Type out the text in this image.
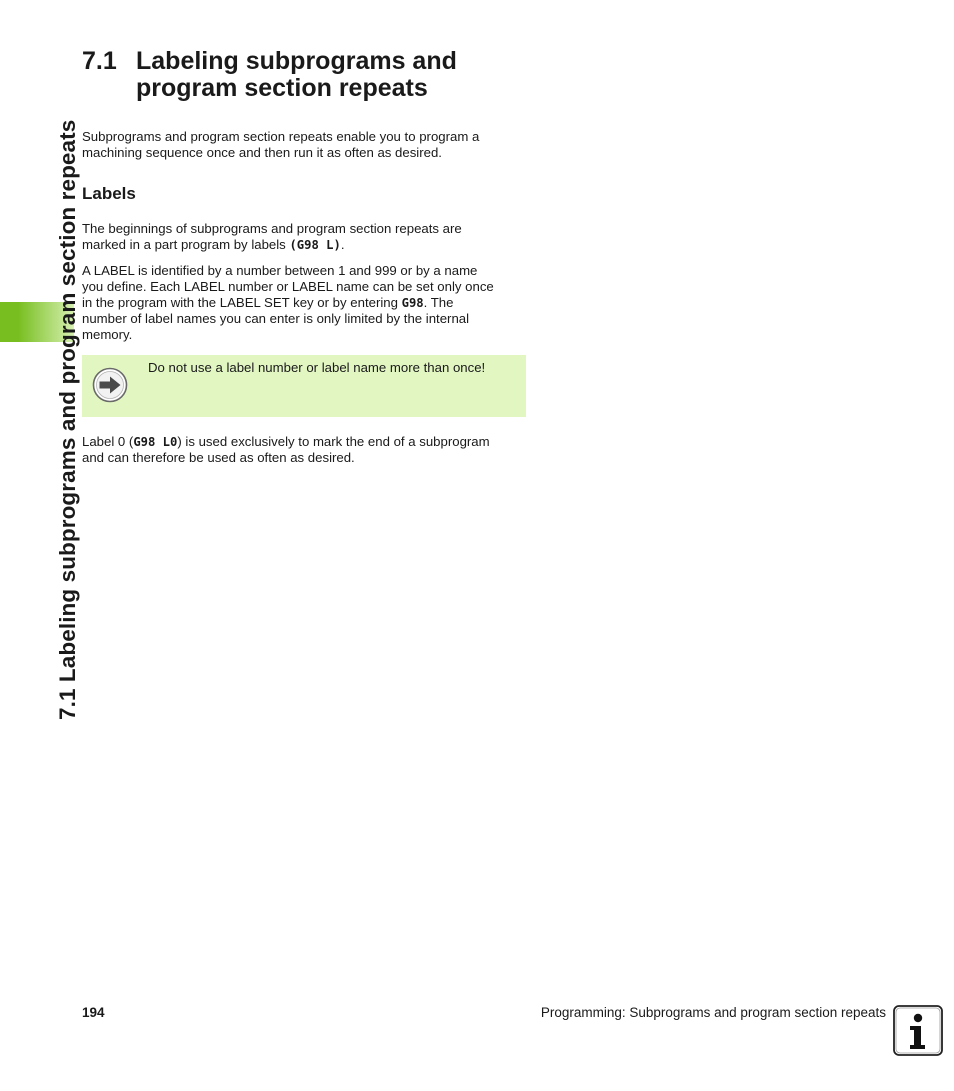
7.1 Labeling subprograms and program section repeats
7.1 Labeling subprograms and
program section repeats
Subprograms and program section repeats enable you to program a
machining sequence once and then run it as often as desired.
Labels
The beginnings of subprograms and program section repeats are
marked in a part program by labels (G98 L).
A LABEL is identified by a number between 1 and 999 or by a name
you define. Each LABEL number or LABEL name can be set only once
in the program with the LABEL SET key or by entering G98. The
number of label names you can enter is only limited by the internal
memory.
Do not use a label number or label name more than once!
Label 0 (G98 L0) is used exclusively to mark the end of a subprogram
and can therefore be used as often as desired.
194	Programming: Subprograms and program section repeats
